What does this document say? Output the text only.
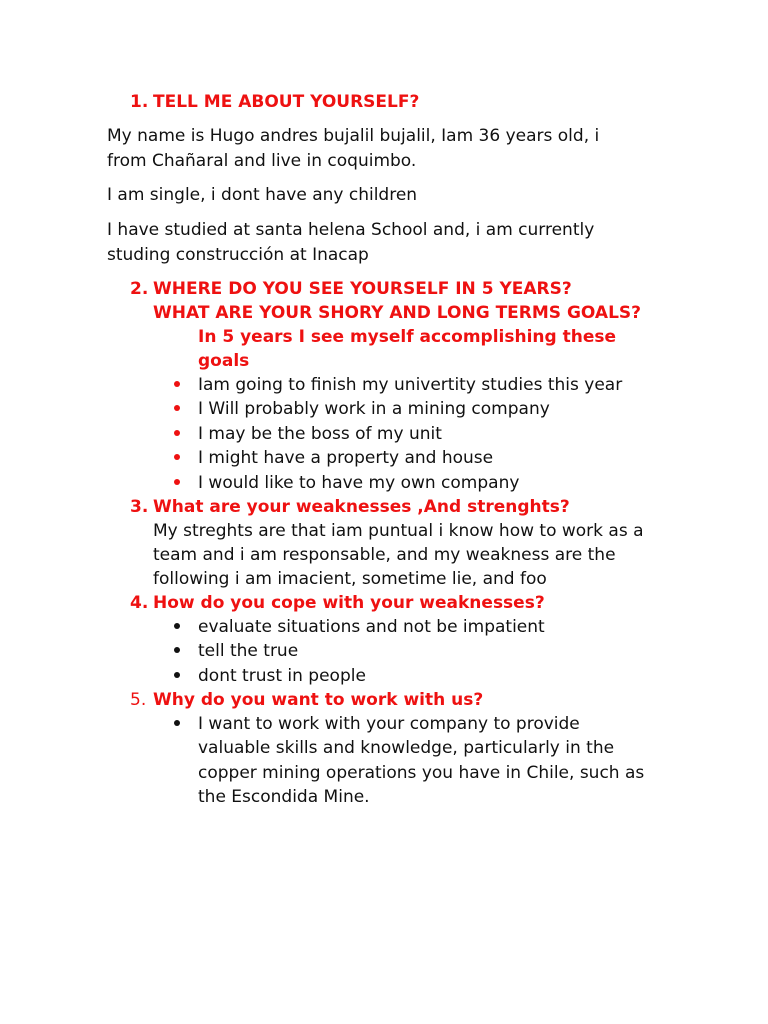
1. TELL ME ABOUT YOURSELF?
My name is Hugo andres bujalil bujalil, Iam 36 years old, i
from Chañaral and live in coquimbo.
I am single, i dont have any children
I have studied at santa helena School and, i am currently
studing construcción at Inacap
2. WHERE DO YOU SEE YOURSELF IN 5 YEARS?
WHAT ARE YOUR SHORY AND LONG TERMS GOALS?
In 5 years I see myself accomplishing these
goals
Iam going to finish my univertity studies this year
I Will probably work in a mining company
I may be the boss of my unit
I might have a property and house
I would like to have my own company
3. What are your weaknesses ,And strenghts?
My streghts are that iam puntual i know how to work as a
team and i am responsable, and my weakness are the
following i am imacient, sometime lie, and foo
4. How do you cope with your weaknesses?
evaluate situations and not be impatient
tell the true
dont trust in people
5. Why do you want to work with us?
I want to work with your company to provide
valuable skills and knowledge, particularly in the
copper mining operations you have in Chile, such as
the Escondida Mine.
